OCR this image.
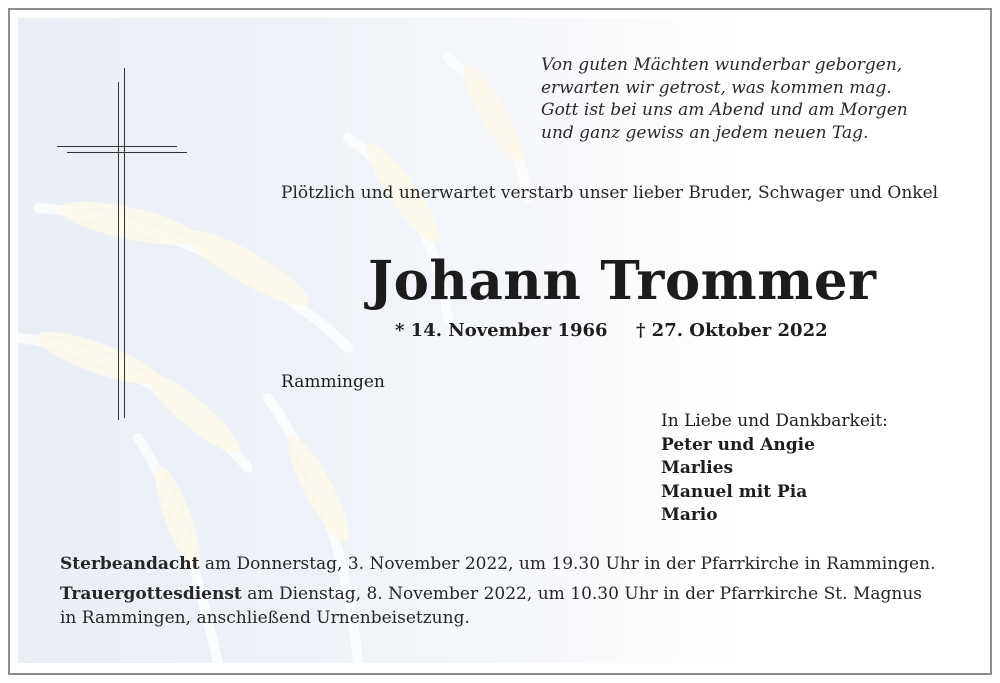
Von guten Mächten wunderbar geborgen,
erwarten wir getrost, was kommen mag.
Gott ist bei uns am Abend und am Morgen
und ganz gewiss an jedem neuen Tag.
Plötzlich und unerwartet verstarb unser lieber Bruder, Schwager und Onkel
Johann Trommer
* 14. November 1966 † 27. Oktober 2022
Rammingen
In Liebe und Dankbarkeit:
Peter und Angie
Marlies
Manuel mit Pia
Mario
Sterbeandacht am Donnerstag, 3. November 2022, um 19.30 Uhr in der Pfarrkirche in Rammingen.
Trauergottesdienst am Dienstag, 8. November 2022, um 10.30 Uhr in der Pfarrkirche St. Magnus in Rammingen, anschließend Urnenbeisetzung.
